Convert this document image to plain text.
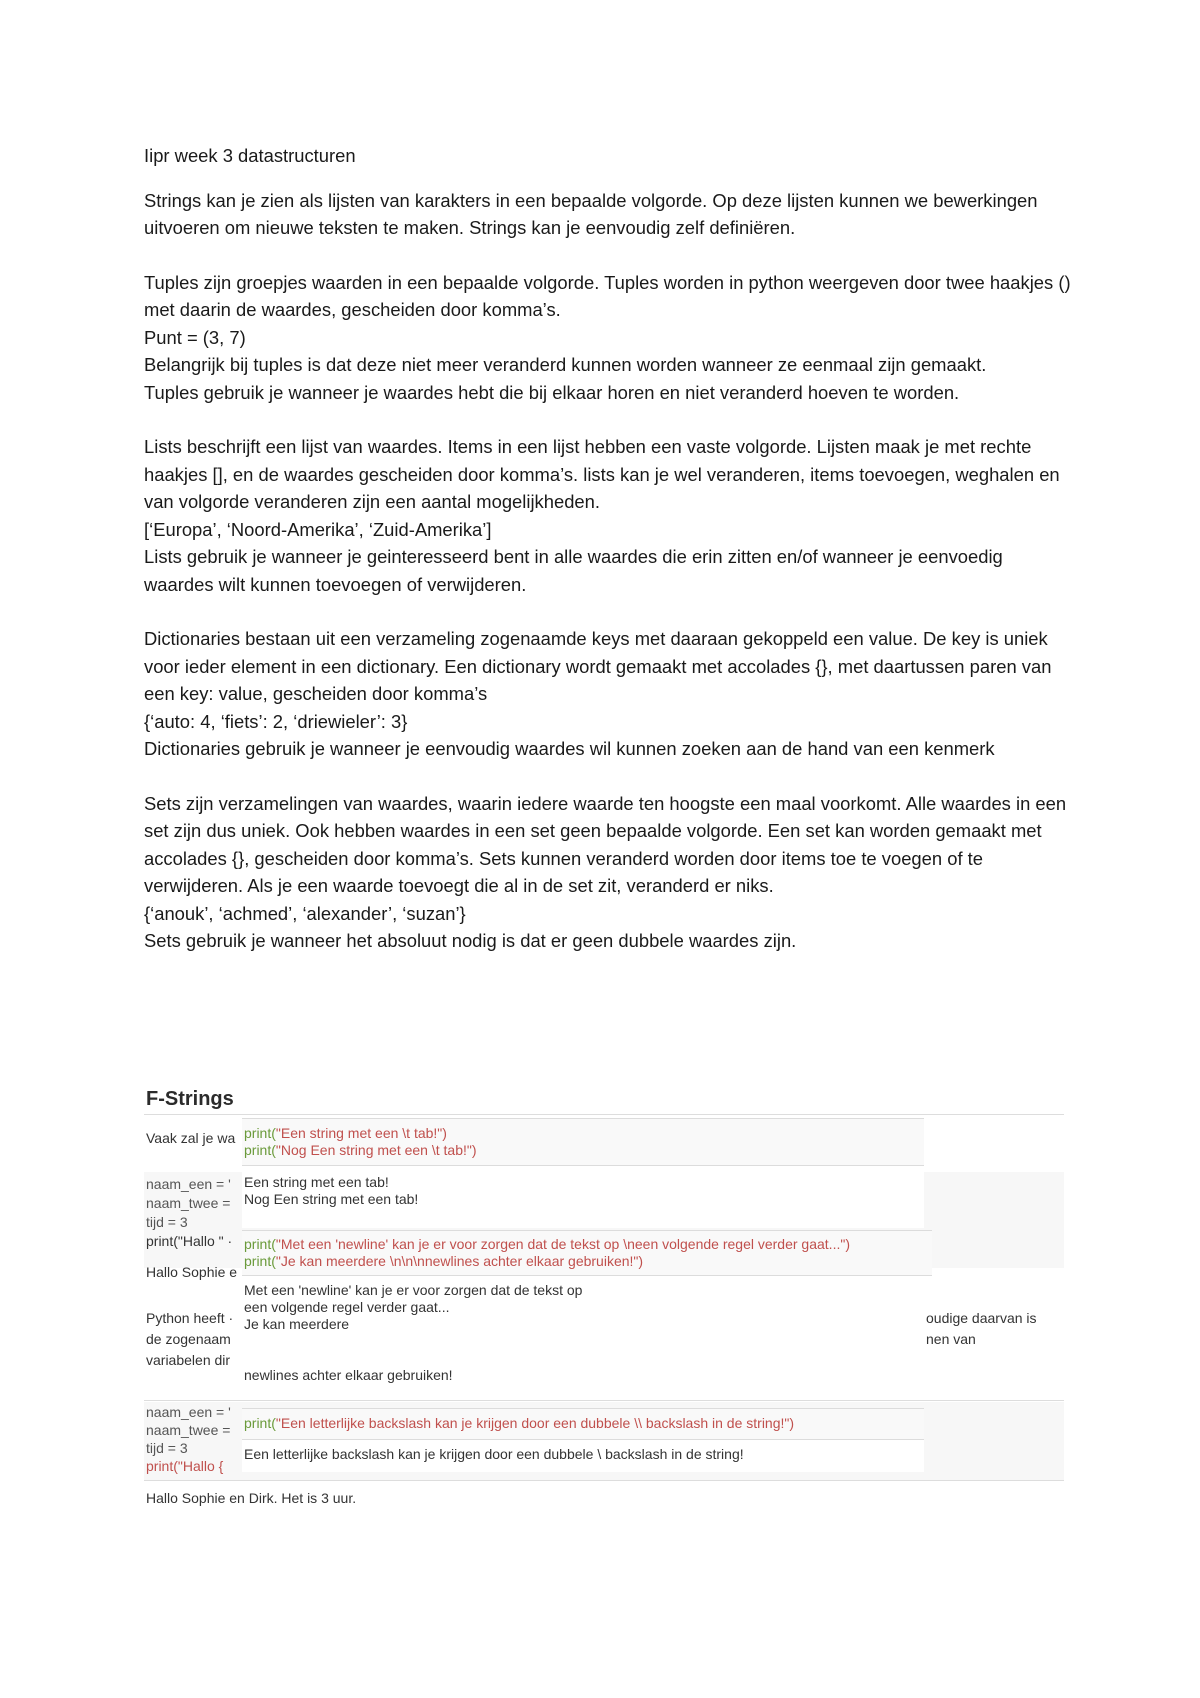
Iipr week 3 datastructuren

Strings kan je zien als lijsten van karakters in een bepaalde volgorde. Op deze lijsten kunnen we bewerkingen uitvoeren om nieuwe teksten te maken. Strings kan je eenvoudig zelf definiëren.

Tuples zijn groepjes waarden in een bepaalde volgorde. Tuples worden in python weergeven door twee haakjes () met daarin de waardes, gescheiden door komma’s.

Punt = (3, 7)

Belangrijk bij tuples is dat deze niet meer veranderd kunnen worden wanneer ze eenmaal zijn gemaakt.

Tuples gebruik je wanneer je waardes hebt die bij elkaar horen en niet veranderd hoeven te worden.

Lists beschrijft een lijst van waardes. Items in een lijst hebben een vaste volgorde. Lijsten maak je met rechte haakjes [], en de waardes gescheiden door komma’s. lists kan je wel veranderen, items toevoegen, weghalen en van volgorde veranderen zijn een aantal mogelijkheden.

[‘Europa’, ‘Noord-Amerika’, ‘Zuid-Amerika’]

Lists gebruik je wanneer je geinteresseerd bent in alle waardes die erin zitten en/of wanneer je eenvoedig waardes wilt kunnen toevoegen of verwijderen.

Dictionaries bestaan uit een verzameling zogenaamde keys met daaraan gekoppeld een value. De key is uniek voor ieder element in een dictionary. Een dictionary wordt gemaakt met accolades {}, met daartussen paren van een key: value, gescheiden door komma’s

{‘auto: 4, ‘fiets’: 2, ‘driewieler’: 3}

Dictionaries gebruik je wanneer je eenvoudig waardes wil kunnen zoeken aan de hand van een kenmerk

Sets zijn verzamelingen van waardes, waarin iedere waarde ten hoogste een maal voorkomt. Alle waardes in een set zijn dus uniek. Ook hebben waardes in een set geen bepaalde volgorde. Een set kan worden gemaakt met accolades {}, gescheiden door komma’s. Sets kunnen veranderd worden door items toe te voegen of te verwijderen. Als je een waarde toevoegt die al in de set zit, veranderd er niks.

{‘anouk’, ‘achmed’, ‘alexander’, ‘suzan’}

Sets gebruik je wanneer het absoluut nodig is dat er geen dubbele waardes zijn.

F-Strings
Vaak zal je wa
naam_een = '
naam_twee =
tijd = 3
print("Hallo " ·
Hallo Sophie e
Python heeft ·
de zogenaam
variabelen dir
oudige daarvan is
nen van
naam_een = '
naam_twee =
tijd = 3
print("Hallo {
Hallo Sophie en Dirk. Het is 3 uur.
print("Een string met een \t tab!")
print("Nog Een string met een \t tab!")
Een string met een tab!
Nog Een string met een tab!
print("Met een 'newline' kan je er voor zorgen dat de tekst op \neen volgende regel verder gaat...")
print("Je kan meerdere \n\n\nnewlines achter elkaar gebruiken!")
Met een 'newline' kan je er voor zorgen dat de tekst op
een volgende regel verder gaat...
Je kan meerdere
newlines achter elkaar gebruiken!
print("Een letterlijke backslash kan je krijgen door een dubbele \\ backslash in de string!")
Een letterlijke backslash kan je krijgen door een dubbele \ backslash in de string!
